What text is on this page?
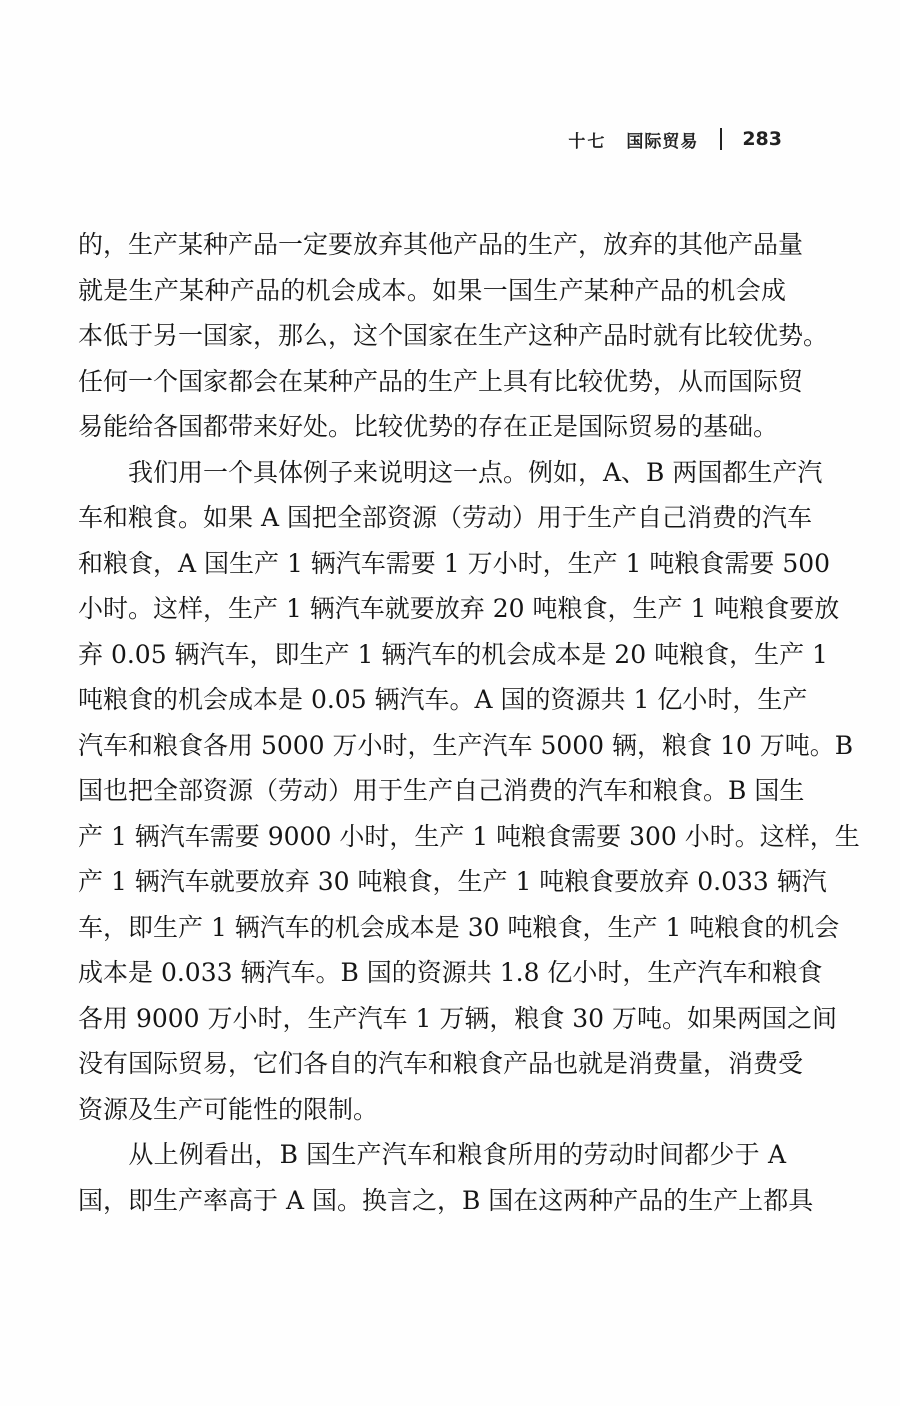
十七 国际贸易 283
的，生产某种产品一定要放弃其他产品的生产，放弃的其他产品量
就是生产某种产品的机会成本。如果一国生产某种产品的机会成
本低于另一国家，那么，这个国家在生产这种产品时就有比较优势。
任何一个国家都会在某种产品的生产上具有比较优势，从而国际贸
易能给各国都带来好处。比较优势的存在正是国际贸易的基础。
　　我们用一个具体例子来说明这一点。例如，A、B 两国都生产汽
车和粮食。如果 A 国把全部资源（劳动）用于生产自己消费的汽车
和粮食，A 国生产 1 辆汽车需要 1 万小时，生产 1 吨粮食需要 500
小时。这样，生产 1 辆汽车就要放弃 20 吨粮食，生产 1 吨粮食要放
弃 0.05 辆汽车，即生产 1 辆汽车的机会成本是 20 吨粮食，生产 1
吨粮食的机会成本是 0.05 辆汽车。A 国的资源共 1 亿小时，生产
汽车和粮食各用 5000 万小时，生产汽车 5000 辆，粮食 10 万吨。B
国也把全部资源（劳动）用于生产自己消费的汽车和粮食。B 国生
产 1 辆汽车需要 9000 小时，生产 1 吨粮食需要 300 小时。这样，生
产 1 辆汽车就要放弃 30 吨粮食，生产 1 吨粮食要放弃 0.033 辆汽
车，即生产 1 辆汽车的机会成本是 30 吨粮食，生产 1 吨粮食的机会
成本是 0.033 辆汽车。B 国的资源共 1.8 亿小时，生产汽车和粮食
各用 9000 万小时，生产汽车 1 万辆，粮食 30 万吨。如果两国之间
没有国际贸易，它们各自的汽车和粮食产品也就是消费量，消费受
资源及生产可能性的限制。
　　从上例看出，B 国生产汽车和粮食所用的劳动时间都少于 A
国，即生产率高于 A 国。换言之，B 国在这两种产品的生产上都具
